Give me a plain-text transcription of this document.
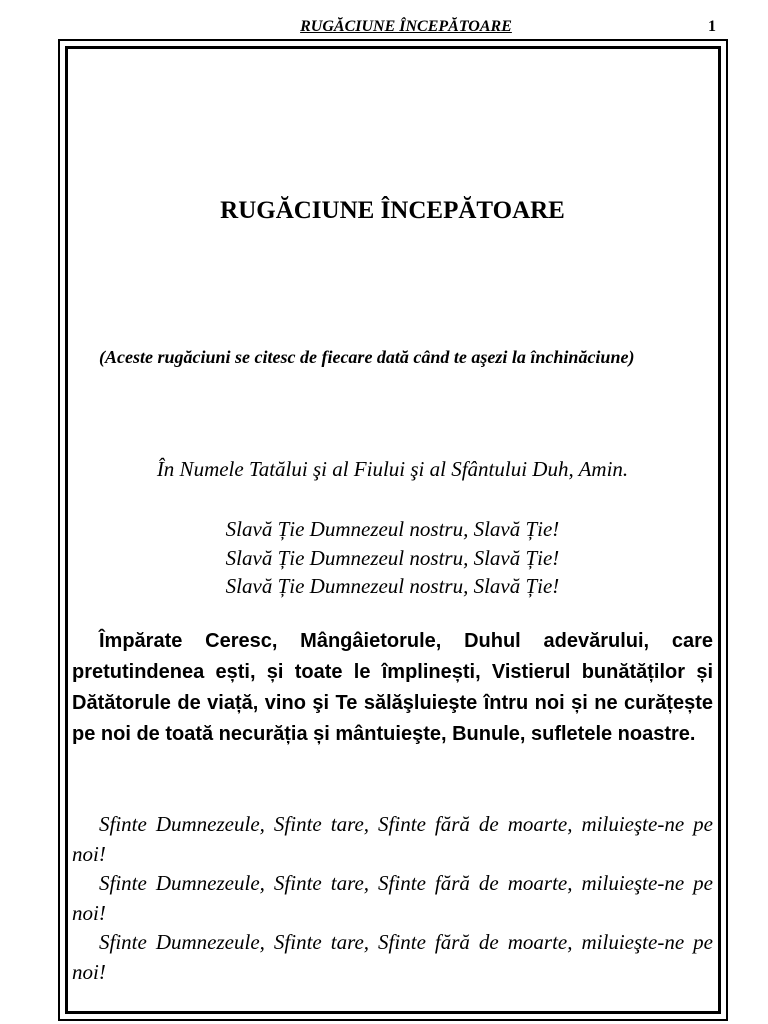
RUGĂCIUNE ÎNCEPĂTOARE	1
RUGĂCIUNE ÎNCEPĂTOARE

(Aceste rugăciuni se citesc de fiecare dată când te aşezi la închinăciune)

În Numele Tatălui şi al Fiului şi al Sfântului Duh, Amin.
Slavă Ție Dumnezeul nostru, Slavă Ție!
Slavă Ție Dumnezeul nostru, Slavă Ție!
Slavă Ție Dumnezeul nostru, Slavă Ție!

Împărate Ceresc, Mângâietorule, Duhul adevărului, care pretutindenea ești, și toate le împlinești, Vistierul bunătăților și Dătătorule de viață, vino şi Te sălăşluieşte întru noi și ne curățește pe noi de toată necurăția și mântuieşte, Bunule, sufletele noastre.

Sfinte Dumnezeule, Sfinte tare, Sfinte fără de moarte, miluieşte-ne pe noi!

Sfinte Dumnezeule, Sfinte tare, Sfinte fără de moarte, miluieşte-ne pe noi!

Sfinte Dumnezeule, Sfinte tare, Sfinte fără de moarte, miluieşte-ne pe noi!
